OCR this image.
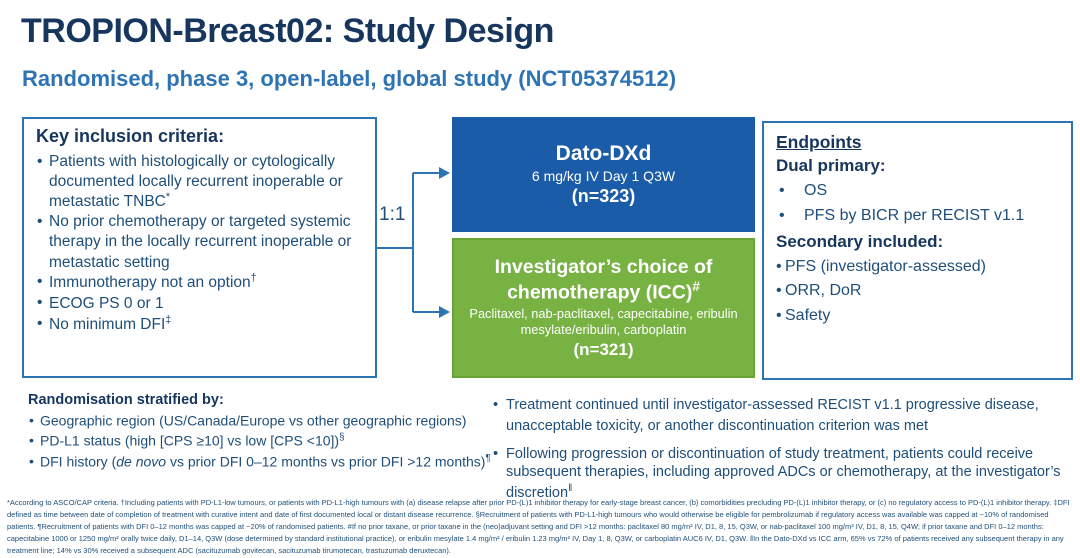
TROPION-Breast02: Study Design
Randomised, phase 3, open-label, global study (NCT05374512)
Key inclusion criteria:
• Patients with histologically or cytologically documented locally recurrent inoperable or metastatic TNBC*
• No prior chemotherapy or targeted systemic therapy in the locally recurrent inoperable or metastatic setting
• Immunotherapy not an option†
• ECOG PS 0 or 1
• No minimum DFI‡
1:1
Dato-DXd
6 mg/kg IV Day 1 Q3W
(n=323)
Investigator’s choice of chemotherapy (ICC)#
Paclitaxel, nab-paclitaxel, capecitabine, eribulin mesylate/eribulin, carboplatin
(n=321)
Endpoints
Dual primary:
• OS
• PFS by BICR per RECIST v1.1
Secondary included:
• PFS (investigator-assessed)
• ORR, DoR
• Safety
Randomisation stratified by:
• Geographic region (US/Canada/Europe vs other geographic regions)
• PD-L1 status (high [CPS ≥10] vs low [CPS <10])§
• DFI history (de novo vs prior DFI 0–12 months vs prior DFI >12 months)¶
• Treatment continued until investigator-assessed RECIST v1.1 progressive disease, unacceptable toxicity, or another discontinuation criterion was met
• Following progression or discontinuation of study treatment, patients could receive subsequent therapies, including approved ADCs or chemotherapy, at the investigator’s discretion‖
*According to ASCO/CAP criteria. †Including patients with PD-L1-low tumours, or patients with PD-L1-high tumours with (a) disease relapse after prior PD-(L)1 inhibitor therapy for early-stage breast cancer, (b) comorbidities precluding PD-(L)1 inhibitor therapy, or (c) no regulatory access to PD-(L)1 inhibitor therapy. ‡DFI defined as time between date of completion of treatment with curative intent and date of first documented local or distant disease recurrence. §Recruitment of patients with PD-L1-high tumours who would otherwise be eligible for pembrolizumab if regulatory access was available was capped at ~10% of randomised patients. ¶Recruitment of patients with DFI 0–12 months was capped at ~20% of randomised patients. #If no prior taxane, or prior taxane in the (neo)adjuvant setting and DFI >12 months: paclitaxel 80 mg/m² IV, D1, 8, 15, Q3W, or nab-paclitaxel 100 mg/m² IV, D1, 8, 15, Q4W; if prior taxane and DFI 0–12 months: capecitabine 1000 or 1250 mg/m² orally twice daily, D1–14, Q3W (dose determined by standard institutional practice), or eribulin mesylate 1.4 mg/m² / eribulin 1.23 mg/m² IV, Day 1, 8, Q3W, or carboplatin AUC6 IV, D1, Q3W. ‖In the Dato-DXd vs ICC arm, 65% vs 72% of patients received any subsequent therapy in any treatment line; 14% vs 30% received a subsequent ADC (sacituzumab govitecan, sacituzumab tirumotecan, trastuzumab deruxtecan).
